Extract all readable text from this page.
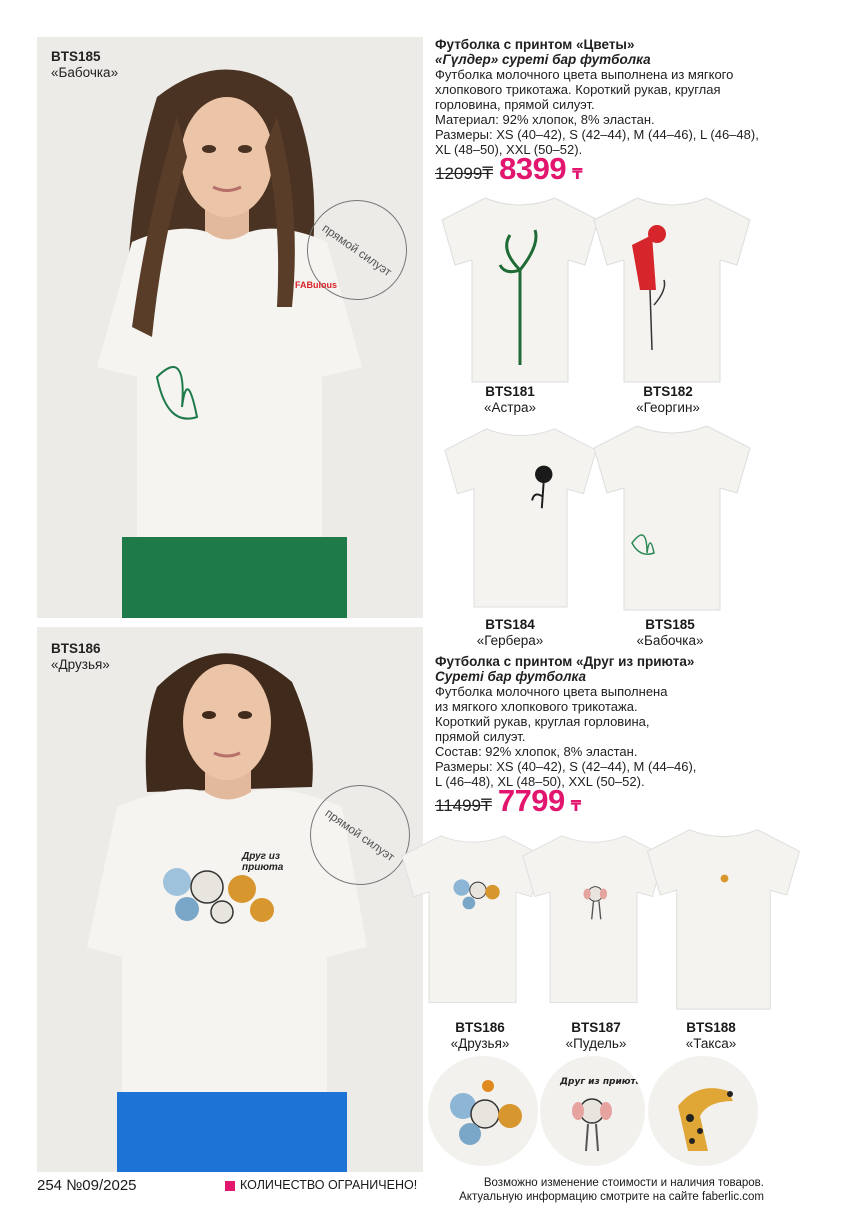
BTS185
«Бабочка»
прямой силуэт
FABulous
BTS186
«Друзья»
прямой силуэт
Друг из приюта
Футболка с принтом «Цветы»
«Гүлдер» суреті бар футболка
Футболка молочного цвета выполнена из мягкого
хлопкового трикотажа. Короткий рукав, круглая
горловина, прямой силуэт.
Материал: 92% хлопок, 8% эластан.
Размеры: XS (40–42), S (42–44), M (44–46), L (46–48),
XL (48–50), XXL (50–52).
12099₸ 8399 ₸
BTS181
«Астра»
BTS182
«Георгин»
BTS184
«Гербера»
BTS185
«Бабочка»
Футболка с принтом «Друг из приюта»
Суреті бар футболка
Футболка молочного цвета выполнена
из мягкого хлопкового трикотажа.
Короткий рукав, круглая горловина,
прямой силуэт.
Состав: 92% хлопок, 8% эластан.
Размеры: XS (40–42), S (42–44), M (44–46),
L (46–48), XL (48–50), XXL (50–52).
11499₸ 7799 ₸
BTS186
«Друзья»
BTS187
«Пудель»
BTS188
«Такса»
Друг из приюта
254 №09/2025	КОЛИЧЕСТВО ОГРАНИЧЕНО!	Возможно изменение стоимости и наличия товаров.
Актуальную информацию смотрите на сайте faberlic.com
